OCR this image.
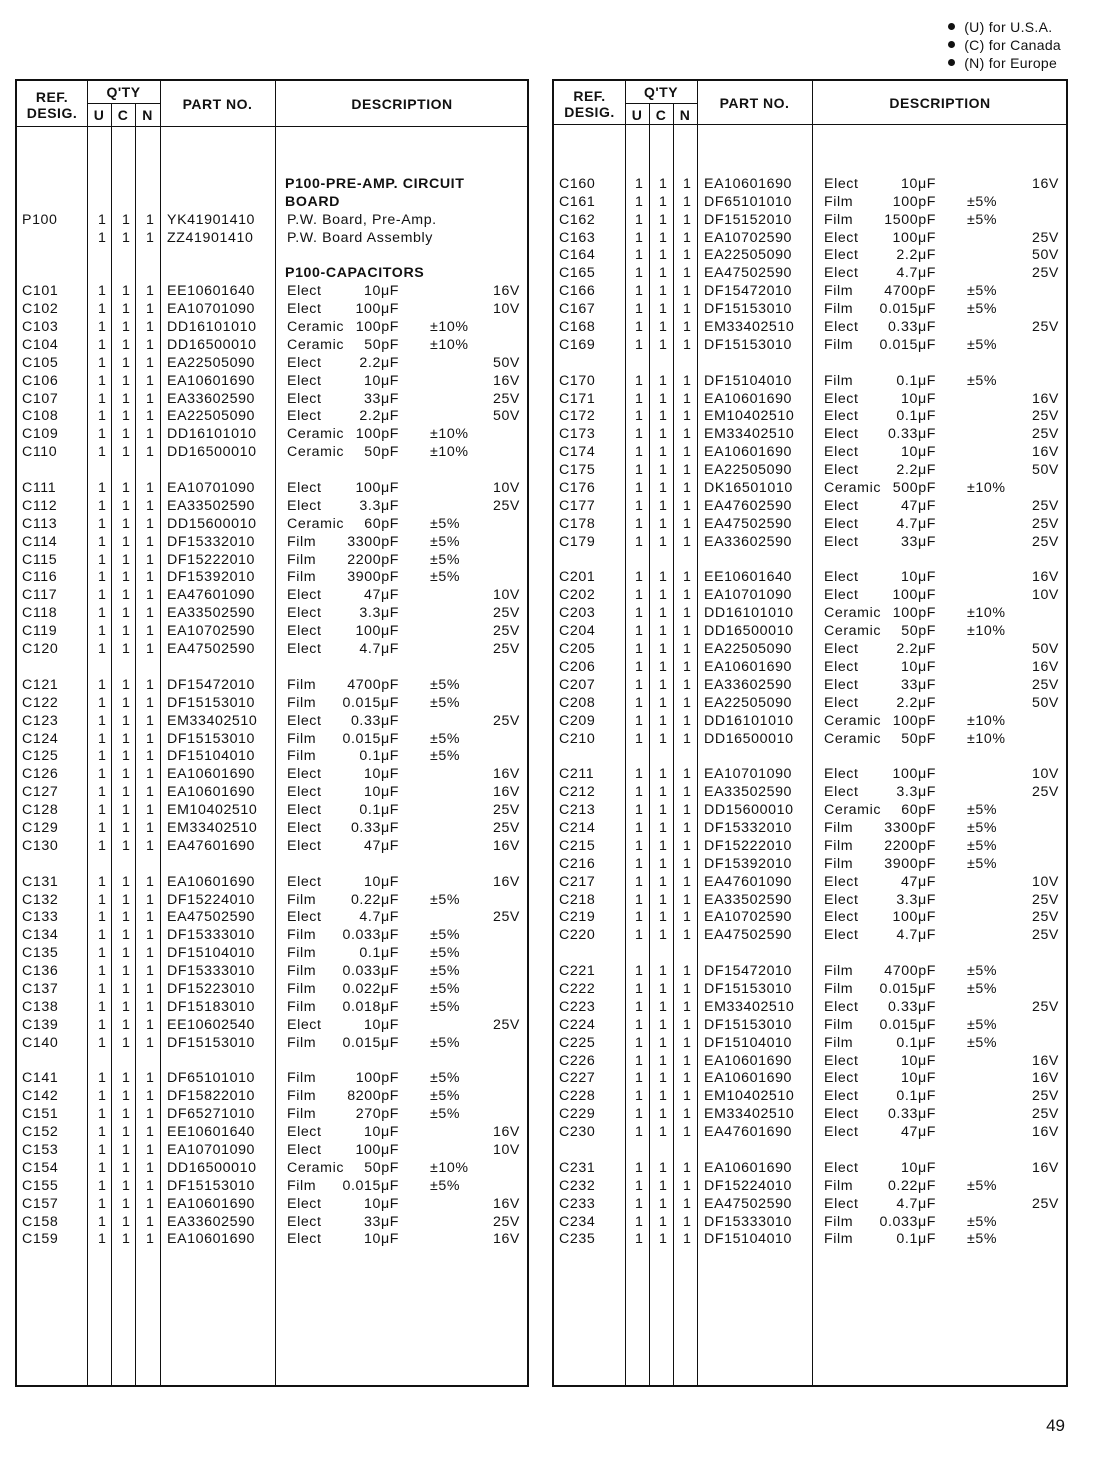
(U) for U.S.A.
(C) for Canada
(N) for Europe
REF.
DESIG.
Q'TY
U C N
PART NO.	DESCRIPTION
P100-PRE-AMP. CIRCUIT
BOARD
P100	1 1 1 YK41901410 P.W. Board, Pre-Amp.
1 1 1 ZZ41901410 P.W. Board Assembly
P100-CAPACITORS
C101	1 1 1 EE10601640 Elect	10μF	16V
C102	1 1 1 EA10701090 Elect 100μF	10V
C103	1 1 1 DD16101010 Ceramic 100pF ±10%
C104	1 1 1 DD16500010 Ceramic 50pF ±10%
C105	1 1 1 EA22505090 Elect	2.2μF	50V
C106	1 1 1 EA10601690 Elect	10μF	16V
C107	1 1 1 EA33602590 Elect	33μF	25V
C108	1 1 1 EA22505090 Elect	2.2μF	50V
C109	1 1 1 DD16101010 Ceramic 100pF ±10%
C110	1 1 1 DD16500010 Ceramic 50pF ±10%
C111	1 1 1 EA10701090 Elect 100μF	10V
C112	1 1 1 EA33502590 Elect	3.3μF	25V
C113	1 1 1 DD15600010 Ceramic 60pF ±5%
C114	1 1 1 DF15332010 Film 3300pF ±5%
C115	1 1 1 DF15222010 Film 2200pF ±5%
C116	1 1 1 DF15392010 Film 3900pF ±5%
C117	1 1 1 EA47601090 Elect	47μF	10V
C118	1 1 1 EA33502590 Elect	3.3μF	25V
C119	1 1 1 EA10702590 Elect 100μF	25V
C120	1 1 1 EA47502590 Elect	4.7μF	25V
C121	1 1 1 DF15472010 Film 4700pF ±5%
C122	1 1 1 DF15153010 Film 0.015μF ±5%
C123	1 1 1 EM33402510 Elect 0.33μF	25V
C124	1 1 1 DF15153010 Film 0.015μF ±5%
C125	1 1 1 DF15104010 Film	0.1μF ±5%
C126	1 1 1 EA10601690 Elect	10μF	16V
C127	1 1 1 EA10601690 Elect	10μF	16V
C128	1 1 1 EM10402510 Elect	0.1μF	25V
C129	1 1 1 EM33402510 Elect 0.33μF	25V
C130	1 1 1 EA47601690 Elect	47μF	16V
C131	1 1 1 EA10601690 Elect	10μF	16V
C132	1 1 1 DF15224010 Film 0.22μF ±5%
C133	1 1 1 EA47502590 Elect	4.7μF	25V
C134	1 1 1 DF15333010 Film 0.033μF ±5%
C135	1 1 1 DF15104010 Film	0.1μF ±5%
C136	1 1 1 DF15333010 Film 0.033μF ±5%
C137	1 1 1 DF15223010 Film 0.022μF ±5%
C138	1 1 1 DF15183010 Film 0.018μF ±5%
C139	1 1 1 EE10602540 Elect	10μF	25V
C140	1 1 1 DF15153010 Film 0.015μF ±5%
C141	1 1 1 DF65101010 Film	100pF ±5%
C142	1 1 1 DF15822010 Film 8200pF ±5%
C151	1 1 1 DF65271010 Film	270pF ±5%
C152	1 1 1 EE10601640 Elect	10μF	16V
C153	1 1 1 EA10701090 Elect 100μF	10V
C154	1 1 1 DD16500010 Ceramic 50pF ±10%
C155	1 1 1 DF15153010 Film 0.015μF ±5%
C157	1 1 1 EA10601690 Elect	10μF	16V
C158	1 1 1 EA33602590 Elect	33μF	25V
C159	1 1 1 EA10601690 Elect	10μF	16V
REF.
DESIG.
Q'TY
U C N
PART NO.	DESCRIPTION
C160	1 1 1 EA10601690 Elect	10μF	16V
C161	1 1 1 DF65101010 Film	100pF ±5%
C162	1 1 1 DF15152010 Film 1500pF ±5%
C163	1 1 1 EA10702590 Elect 100μF	25V
C164	1 1 1 EA22505090 Elect	2.2μF	50V
C165	1 1 1 EA47502590 Elect	4.7μF	25V
C166	1 1 1 DF15472010 Film 4700pF ±5%
C167	1 1 1 DF15153010 Film 0.015μF ±5%
C168	1 1 1 EM33402510 Elect 0.33μF	25V
C169	1 1 1 DF15153010 Film 0.015μF ±5%
C170	1 1 1 DF15104010 Film	0.1μF ±5%
C171	1 1 1 EA10601690 Elect	10μF	16V
C172	1 1 1 EM10402510 Elect	0.1μF	25V
C173	1 1 1 EM33402510 Elect 0.33μF	25V
C174	1 1 1 EA10601690 Elect	10μF	16V
C175	1 1 1 EA22505090 Elect	2.2μF	50V
C176	1 1 1 DK16501010 Ceramic 500pF ±10%
C177	1 1 1 EA47602590 Elect	47μF	25V
C178	1 1 1 EA47502590 Elect	4.7μF	25V
C179	1 1 1 EA33602590 Elect	33μF	25V
C201	1 1 1 EE10601640 Elect	10μF	16V
C202	1 1 1 EA10701090 Elect 100μF	10V
C203	1 1 1 DD16101010 Ceramic 100pF ±10%
C204	1 1 1 DD16500010 Ceramic 50pF ±10%
C205	1 1 1 EA22505090 Elect	2.2μF	50V
C206	1 1 1 EA10601690 Elect	10μF	16V
C207	1 1 1 EA33602590 Elect	33μF	25V
C208	1 1 1 EA22505090 Elect	2.2μF	50V
C209	1 1 1 DD16101010 Ceramic 100pF ±10%
C210	1 1 1 DD16500010 Ceramic 50pF ±10%
C211	1 1 1 EA10701090 Elect 100μF	10V
C212	1 1 1 EA33502590 Elect	3.3μF	25V
C213	1 1 1 DD15600010 Ceramic 60pF ±5%
C214	1 1 1 DF15332010 Film 3300pF ±5%
C215	1 1 1 DF15222010 Film 2200pF ±5%
C216	1 1 1 DF15392010 Film 3900pF ±5%
C217	1 1 1 EA47601090 Elect	47μF	10V
C218	1 1 1 EA33502590 Elect	3.3μF	25V
C219	1 1 1 EA10702590 Elect 100μF	25V
C220	1 1 1 EA47502590 Elect	4.7μF	25V
C221	1 1 1 DF15472010 Film 4700pF ±5%
C222	1 1 1 DF15153010 Film 0.015μF ±5%
C223	1 1 1 EM33402510 Elect 0.33μF	25V
C224	1 1 1 DF15153010 Film 0.015μF ±5%
C225	1 1 1 DF15104010 Film	0.1μF ±5%
C226	1 1 1 EA10601690 Elect	10μF	16V
C227	1 1 1 EA10601690 Elect	10μF	16V
C228	1 1 1 EM10402510 Elect	0.1μF	25V
C229	1 1 1 EM33402510 Elect 0.33μF	25V
C230	1 1 1 EA47601690 Elect	47μF	16V
C231	1 1 1 EA10601690 Elect	10μF	16V
C232	1 1 1 DF15224010 Film 0.22μF ±5%
C233	1 1 1 EA47502590 Elect	4.7μF	25V
C234	1 1 1 DF15333010 Film 0.033μF ±5%
C235	1 1 1 DF15104010 Film	0.1μF ±5%
49
